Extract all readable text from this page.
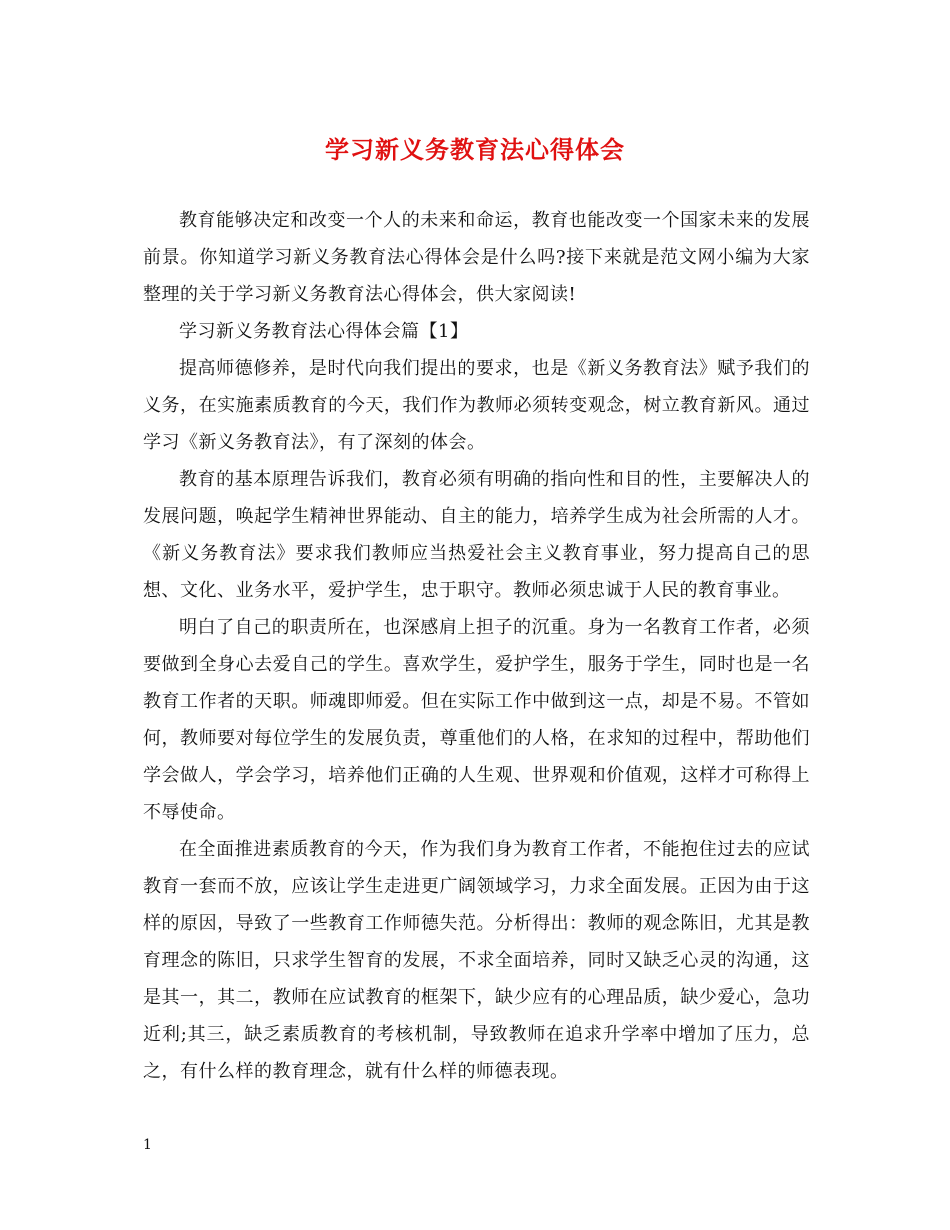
学习新义务教育法心得体会

教育能够决定和改变一个人的未来和命运，教育也能改变一个国家未来的发展前景。你知道学习新义务教育法心得体会是什么吗?接下来就是范文网小编为大家整理的关于学习新义务教育法心得体会，供大家阅读!

学习新义务教育法心得体会篇【1】

提高师德修养，是时代向我们提出的要求，也是《新义务教育法》赋予我们的义务，在实施素质教育的今天，我们作为教师必须转变观念，树立教育新风。通过学习《新义务教育法》，有了深刻的体会。

教育的基本原理告诉我们，教育必须有明确的指向性和目的性，主要解决人的发展问题，唤起学生精神世界能动、自主的能力，培养学生成为社会所需的人才。《新义务教育法》要求我们教师应当热爱社会主义教育事业，努力提高自己的思想、文化、业务水平，爱护学生，忠于职守。教师必须忠诚于人民的教育事业。

明白了自己的职责所在，也深感肩上担子的沉重。身为一名教育工作者，必须要做到全身心去爱自己的学生。喜欢学生，爱护学生，服务于学生，同时也是一名教育工作者的天职。师魂即师爱。但在实际工作中做到这一点，却是不易。不管如何，教师要对每位学生的发展负责，尊重他们的人格，在求知的过程中，帮助他们学会做人，学会学习，培养他们正确的人生观、世界观和价值观，这样才可称得上不辱使命。

在全面推进素质教育的今天，作为我们身为教育工作者，不能抱住过去的应试教育一套而不放，应该让学生走进更广阔领域学习，力求全面发展。正因为由于这样的原因，导致了一些教育工作师德失范。分析得出：教师的观念陈旧，尤其是教育理念的陈旧，只求学生智育的发展，不求全面培养，同时又缺乏心灵的沟通，这是其一，其二，教师在应试教育的框架下，缺少应有的心理品质，缺少爱心，急功近利;其三，缺乏素质教育的考核机制，导致教师在追求升学率中增加了压力，总之，有什么样的教育理念，就有什么样的师德表现。

1
